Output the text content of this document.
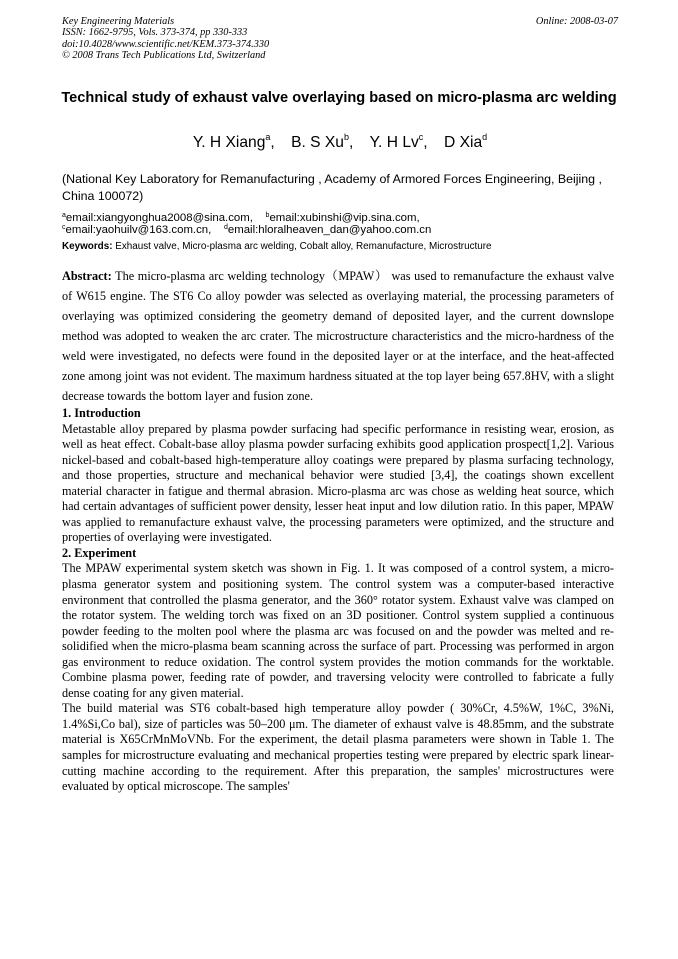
Key Engineering Materials
ISSN: 1662-9795, Vols. 373-374, pp 330-333
doi:10.4028/www.scientific.net/KEM.373-374.330
© 2008 Trans Tech Publications Ltd, Switzerland
Online: 2008-03-07
Technical study of exhaust valve overlaying based on micro-plasma arc welding
Y. H Xiang$^a$, B. S Xu$^b$, Y. H Lv$^c$, D Xia$^d$
(National Key Laboratory for Remanufacturing , Academy of Armored Forces Engineering, Beijing , China 100072)
$^a$email:xiangyonghua2008@sina.com, $^b$email:xubinshi@vip.sina.com,
$^c$email:yaohuilv@163.com.cn, $^d$email:hloralheaven_dan@yahoo.com.cn
Keywords: Exhaust valve, Micro-plasma arc welding, Cobalt alloy, Remanufacture, Microstructure

Abstract: The micro-plasma arc welding technology（MPAW） was used to remanufacture the exhaust valve of W615 engine. The ST6 Co alloy powder was selected as overlaying material, the processing parameters of overlaying was optimized considering the geometry demand of deposited layer, and the current downslope method was adopted to weaken the arc crater. The microstructure characteristics and the micro-hardness of the weld were investigated, no defects were found in the deposited layer or at the interface, and the heat-affected zone among joint was not evident. The maximum hardness situated at the top layer being 657.8HV, with a slight decrease towards the bottom layer and fusion zone.

1. Introduction

Metastable alloy prepared by plasma powder surfacing had specific performance in resisting wear, erosion, as well as heat effect. Cobalt-base alloy plasma powder surfacing exhibits good application prospect[1,2]. Various nickel-based and cobalt-based high-temperature alloy coatings were prepared by plasma surfacing technology, and those properties, structure and mechanical behavior were studied [3,4], the coatings shown excellent material character in fatigue and thermal abrasion. Micro-plasma arc was chose as welding heat source, which had certain advantages of sufficient power density, lesser heat input and low dilution ratio. In this paper, MPAW was applied to remanufacture exhaust valve, the processing parameters were optimized, and the structure and properties of overlaying were investigated.

2. Experiment

The MPAW experimental system sketch was shown in Fig. 1. It was composed of a control system, a micro-plasma generator system and positioning system. The control system was a computer-based interactive environment that controlled the plasma generator, and the 360° rotator system. Exhaust valve was clamped on the rotator system. The welding torch was fixed on an 3D positioner. Control system supplied a continuous powder feeding to the molten pool where the plasma arc was focused on and the powder was melted and re-solidified when the micro-plasma beam scanning across the surface of part. Processing was performed in argon gas environment to reduce oxidation. The control system provides the motion commands for the worktable. Combine plasma power, feeding rate of powder, and traversing velocity were controlled to fabricate a fully dense coating for any given material.

The build material was ST6 cobalt-based high temperature alloy powder ( 30%Cr, 4.5%W, 1%C, 3%Ni, 1.4%Si,Co bal), size of particles was 50–200 μm. The diameter of exhaust valve is 48.85mm, and the substrate material is X65CrMnMoVNb. For the experiment, the detail plasma parameters were shown in Table 1. The samples for microstructure evaluating and mechanical properties testing were prepared by electric spark linear-cutting machine according to the requirement. After this preparation, the samples' microstructures were evaluated by optical microscope. The samples'
